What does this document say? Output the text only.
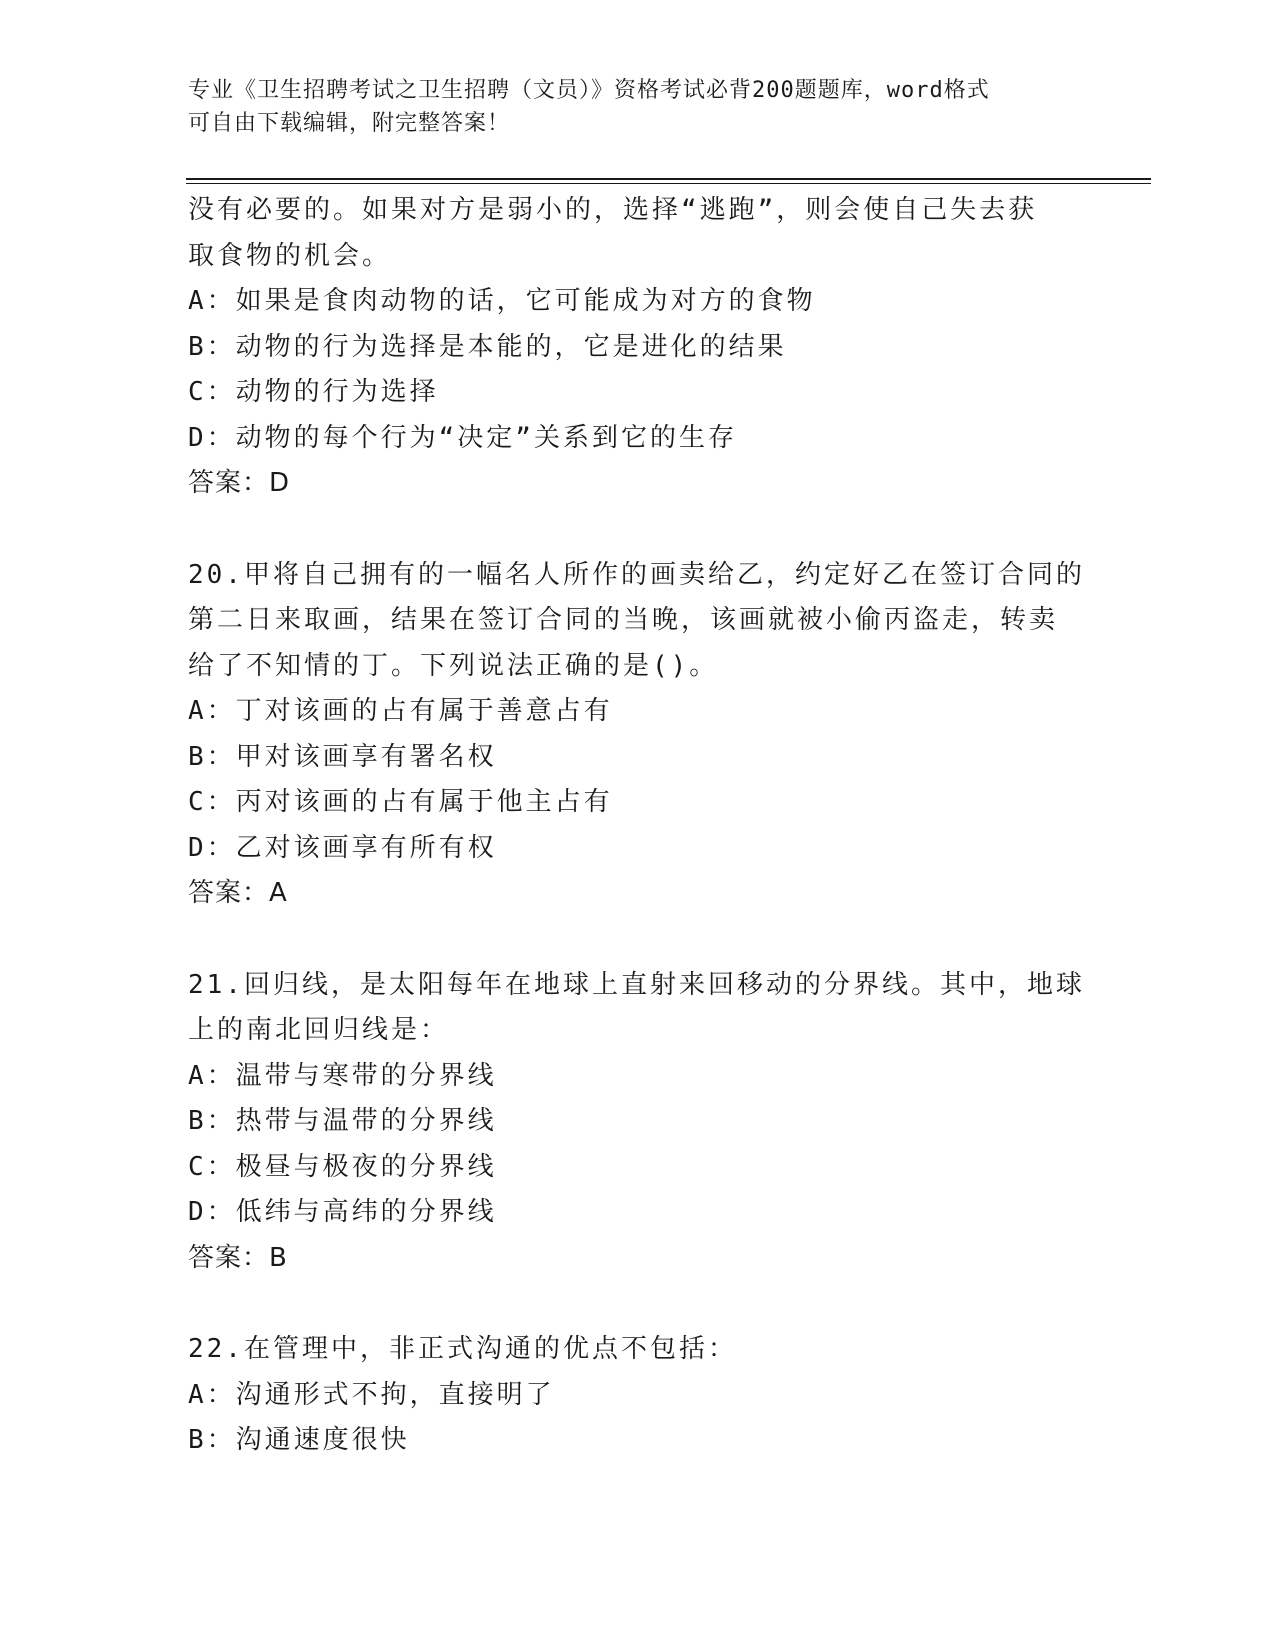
专业《卫生招聘考试之卫生招聘（文员）》资格考试必背200题题库，word格式
可自由下载编辑，附完整答案！
没有必要的。如果对方是弱小的，选择“逃跑”，则会使自己失去获
取食物的机会。
A：如果是食肉动物的话，它可能成为对方的食物
B：动物的行为选择是本能的，它是进化的结果
C：动物的行为选择
D：动物的每个行为“决定”关系到它的生存
答案：D
20.甲将自己拥有的一幅名人所作的画卖给乙，约定好乙在签订合同的
第二日来取画，结果在签订合同的当晚，该画就被小偷丙盗走，转卖
给了不知情的丁。下列说法正确的是()。
A：丁对该画的占有属于善意占有
B：甲对该画享有署名权
C：丙对该画的占有属于他主占有
D：乙对该画享有所有权
答案：A
21.回归线，是太阳每年在地球上直射来回移动的分界线。其中，地球
上的南北回归线是：
A：温带与寒带的分界线
B：热带与温带的分界线
C：极昼与极夜的分界线
D：低纬与高纬的分界线
答案：B
22.在管理中，非正式沟通的优点不包括：
A：沟通形式不拘，直接明了
B：沟通速度很快
